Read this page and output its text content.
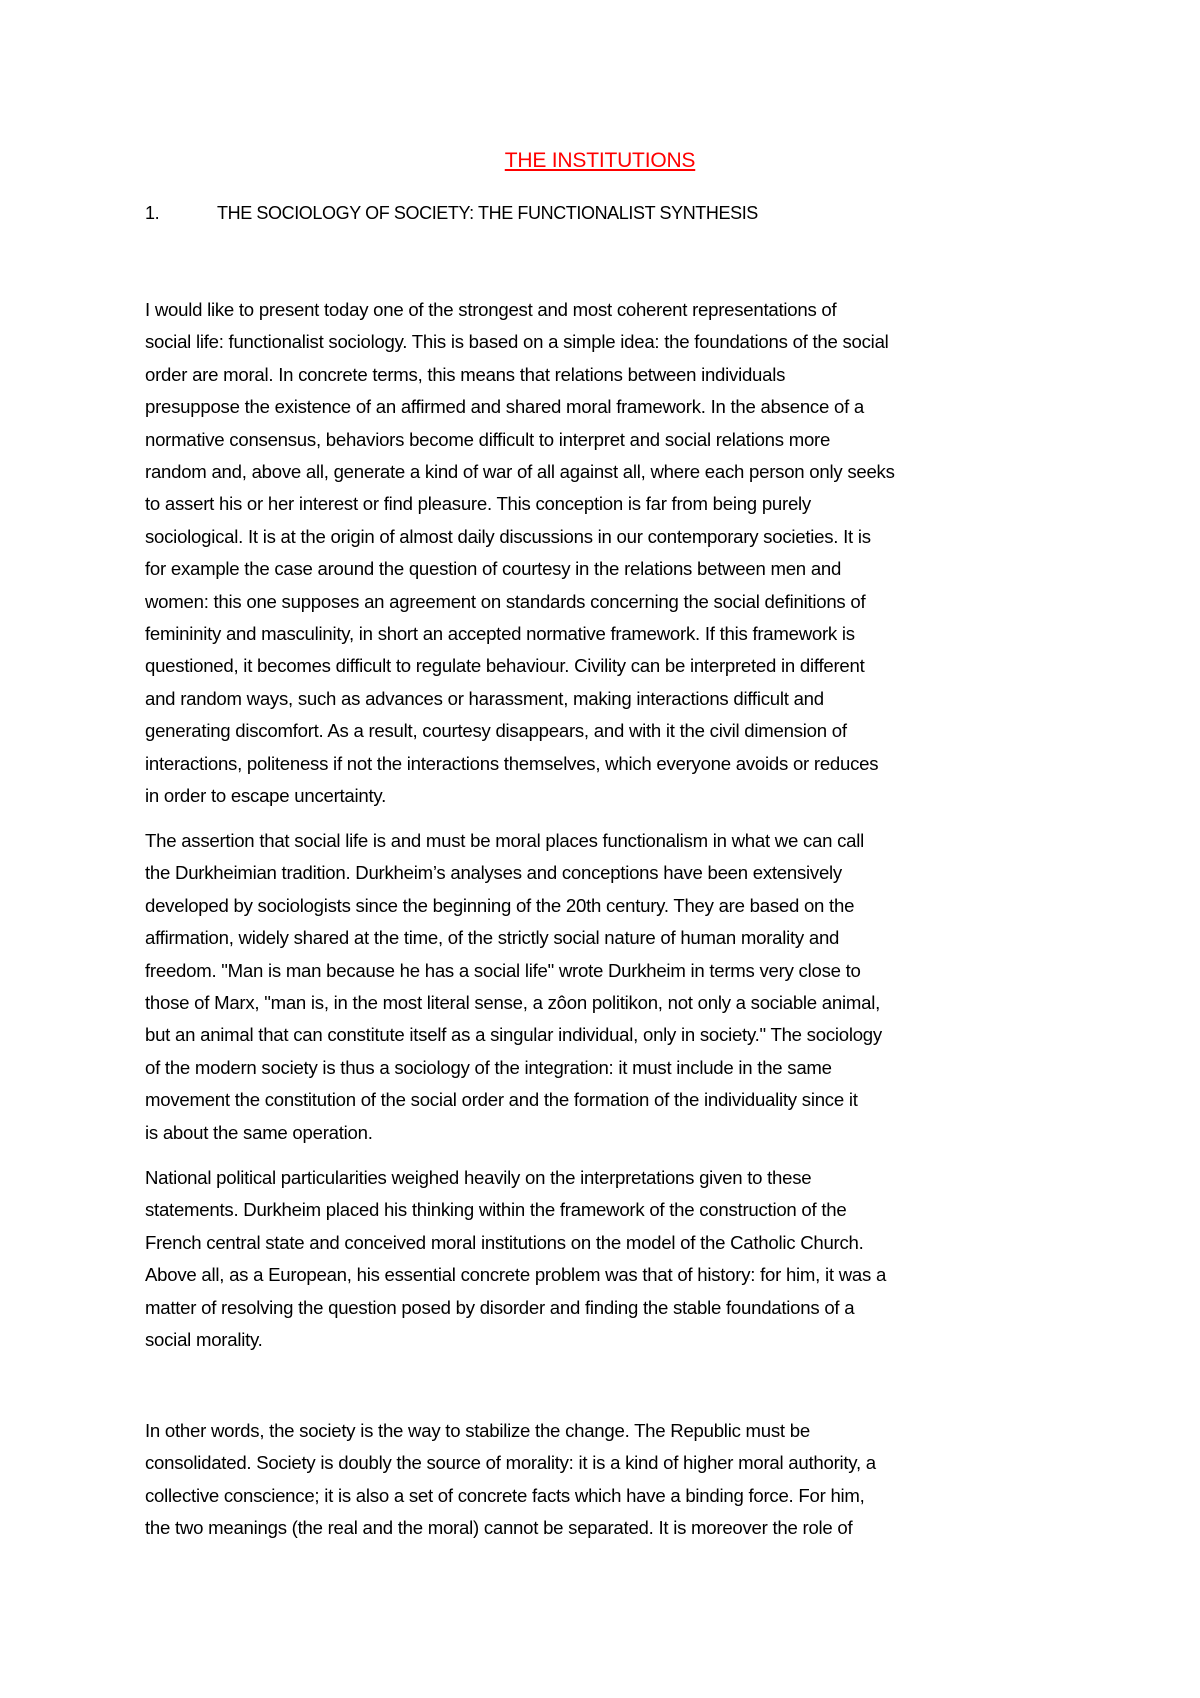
THE INSTITUTIONS
1.	THE SOCIOLOGY OF SOCIETY: THE FUNCTIONALIST SYNTHESIS

I would like to present today one of the strongest and most coherent representations of
social life: functionalist sociology. This is based on a simple idea: the foundations of the social
order are moral. In concrete terms, this means that relations between individuals
presuppose the existence of an affirmed and shared moral framework. In the absence of a
normative consensus, behaviors become difficult to interpret and social relations more
random and, above all, generate a kind of war of all against all, where each person only seeks
to assert his or her interest or find pleasure. This conception is far from being purely
sociological. It is at the origin of almost daily discussions in our contemporary societies. It is
for example the case around the question of courtesy in the relations between men and
women: this one supposes an agreement on standards concerning the social definitions of
femininity and masculinity, in short an accepted normative framework. If this framework is
questioned, it becomes difficult to regulate behaviour. Civility can be interpreted in different
and random ways, such as advances or harassment, making interactions difficult and
generating discomfort. As a result, courtesy disappears, and with it the civil dimension of
interactions, politeness if not the interactions themselves, which everyone avoids or reduces
in order to escape uncertainty.

The assertion that social life is and must be moral places functionalism in what we can call
the Durkheimian tradition. Durkheim’s analyses and conceptions have been extensively
developed by sociologists since the beginning of the 20th century. They are based on the
affirmation, widely shared at the time, of the strictly social nature of human morality and
freedom. "Man is man because he has a social life" wrote Durkheim in terms very close to
those of Marx, "man is, in the most literal sense, a zôon politikon, not only a sociable animal,
but an animal that can constitute itself as a singular individual, only in society." The sociology
of the modern society is thus a sociology of the integration: it must include in the same
movement the constitution of the social order and the formation of the individuality since it
is about the same operation.

National political particularities weighed heavily on the interpretations given to these
statements. Durkheim placed his thinking within the framework of the construction of the
French central state and conceived moral institutions on the model of the Catholic Church.
Above all, as a European, his essential concrete problem was that of history: for him, it was a
matter of resolving the question posed by disorder and finding the stable foundations of a
social morality.

In other words, the society is the way to stabilize the change. The Republic must be
consolidated. Society is doubly the source of morality: it is a kind of higher moral authority, a
collective conscience; it is also a set of concrete facts which have a binding force. For him,
the two meanings (the real and the moral) cannot be separated. It is moreover the role of
